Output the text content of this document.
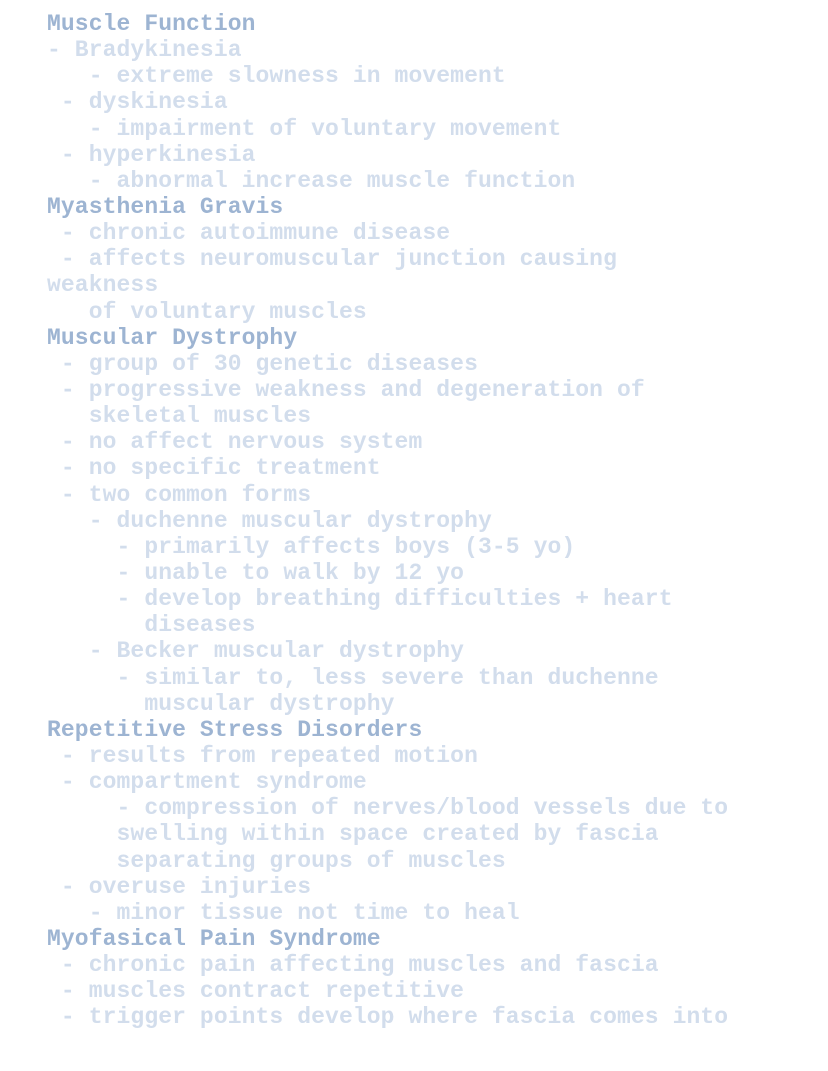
Muscle Function
- Bradykinesia
- extreme slowness in movement
- dyskinesia
- impairment of voluntary movement
- hyperkinesia
- abnormal increase muscle function
Myasthenia Gravis
- chronic autoimmune disease
- affects neuromuscular junction causing
weakness
of voluntary muscles
Muscular Dystrophy
- group of 30 genetic diseases
- progressive weakness and degeneration of
skeletal muscles
- no affect nervous system
- no specific treatment
- two common forms
- duchenne muscular dystrophy
- primarily affects boys (3-5 yo)
- unable to walk by 12 yo
- develop breathing difficulties + heart
diseases
- Becker muscular dystrophy
- similar to, less severe than duchenne
muscular dystrophy
Repetitive Stress Disorders
- results from repeated motion
- compartment syndrome
- compression of nerves/blood vessels due to
swelling within space created by fascia
separating groups of muscles
- overuse injuries
- minor tissue not time to heal
Myofasical Pain Syndrome
- chronic pain affecting muscles and fascia
- muscles contract repetitive
- trigger points develop where fascia comes into
